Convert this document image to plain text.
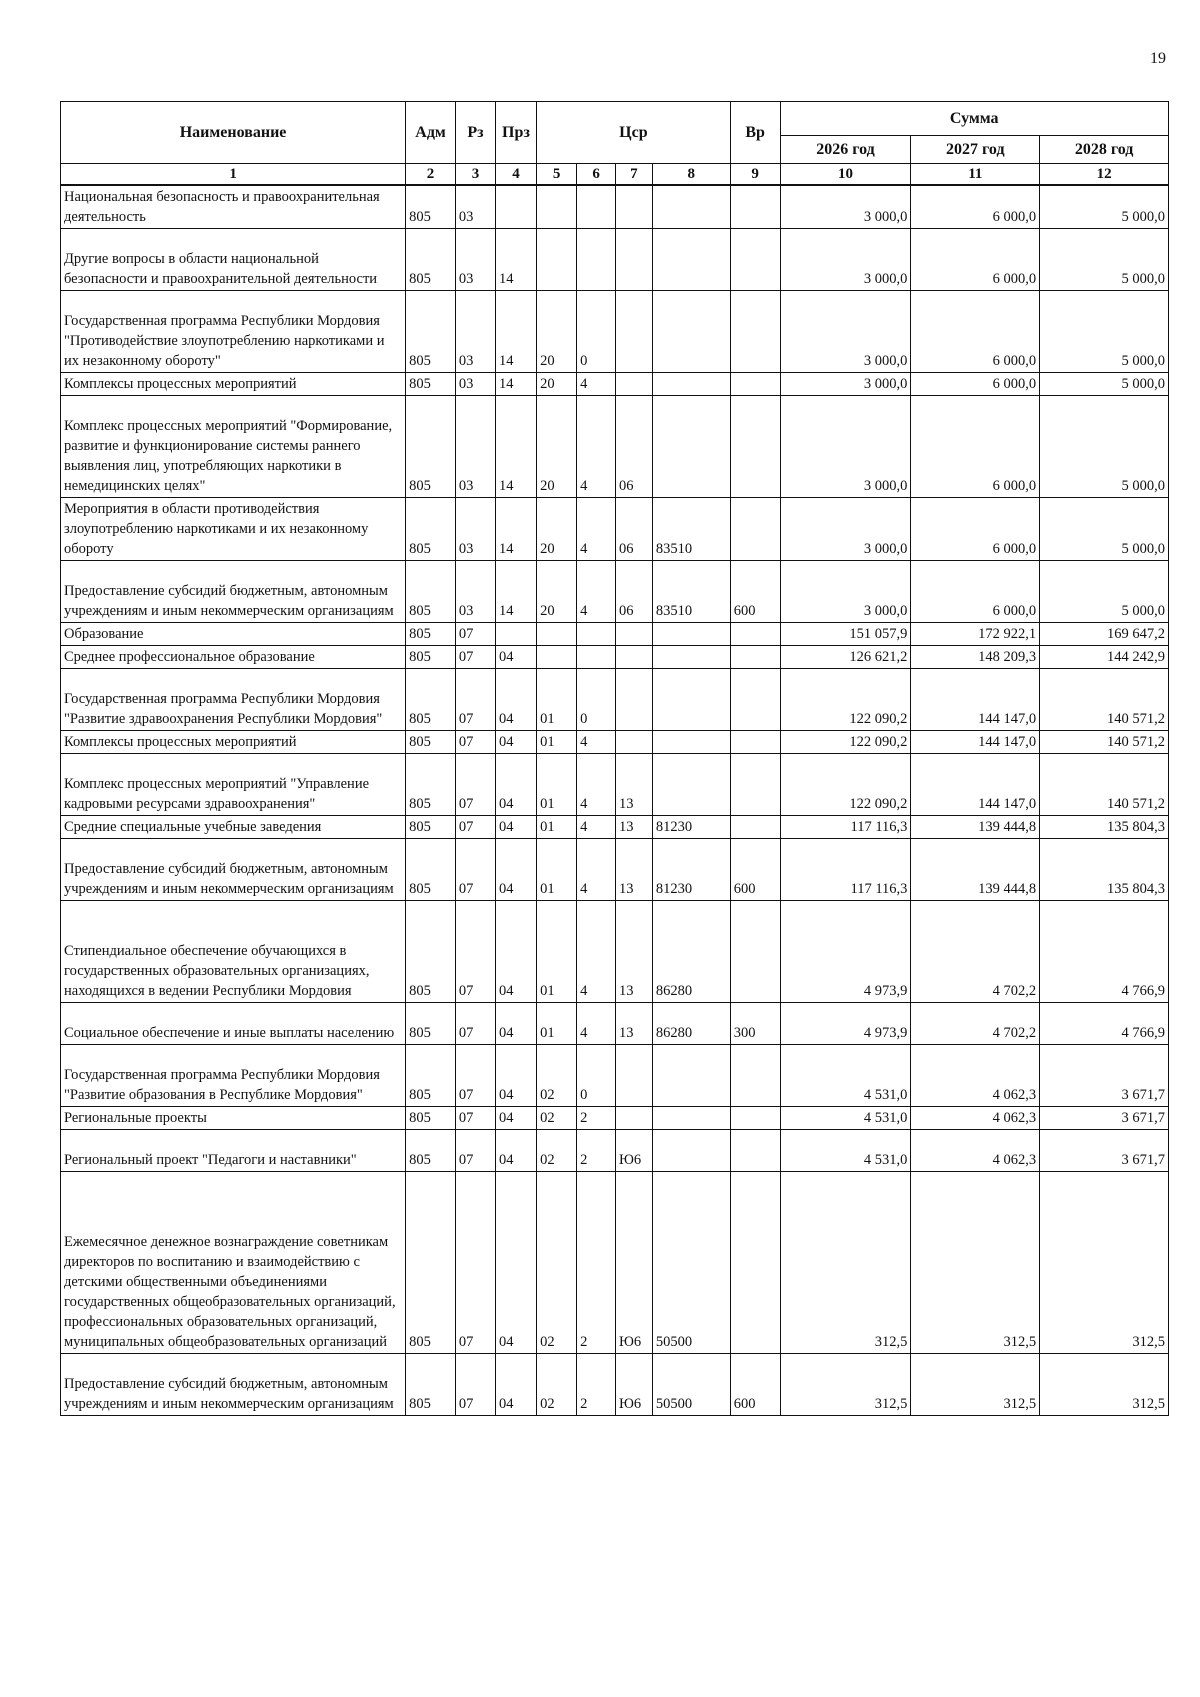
19
Наименование	Адм	Рз	Прз	Цср				Вр	Сумма		
									2026 год	2027 год	2028 год
1	2	3	4	5	6	7	8	9	10	11	12
Национальная безопасность и правоохранительная деятельность	805	03							3 000,0	6 000,0	5 000,0
Другие вопросы в области национальной безопасности и правоохранительной деятельности	805	03	14						3 000,0	6 000,0	5 000,0
Государственная программа Республики Мордовия "Противодействие злоупотреблению наркотиками и их незаконному обороту"	805	03	14	20	0				3 000,0	6 000,0	5 000,0
Комплексы процессных мероприятий	805	03	14	20	4				3 000,0	6 000,0	5 000,0
Комплекс процессных мероприятий "Формирование, развитие и функционирование системы раннего выявления лиц, употребляющих наркотики в немедицинских целях"	805	03	14	20	4	06			3 000,0	6 000,0	5 000,0
Мероприятия в области противодействия злоупотреблению наркотиками и их незаконному обороту	805	03	14	20	4	06	83510		3 000,0	6 000,0	5 000,0
Предоставление субсидий бюджетным, автономным учреждениям и иным некоммерческим организациям	805	03	14	20	4	06	83510	600	3 000,0	6 000,0	5 000,0
Образование	805	07							151 057,9	172 922,1	169 647,2
Среднее профессиональное образование	805	07	04						126 621,2	148 209,3	144 242,9
Государственная программа Республики Мордовия "Развитие здравоохранения Республики Мордовия"	805	07	04	01	0				122 090,2	144 147,0	140 571,2
Комплексы процессных мероприятий	805	07	04	01	4				122 090,2	144 147,0	140 571,2
Комплекс процессных мероприятий "Управление кадровыми ресурсами здравоохранения"	805	07	04	01	4	13			122 090,2	144 147,0	140 571,2
Средние специальные учебные заведения	805	07	04	01	4	13	81230		117 116,3	139 444,8	135 804,3
Предоставление субсидий бюджетным, автономным учреждениям и иным некоммерческим организациям	805	07	04	01	4	13	81230	600	117 116,3	139 444,8	135 804,3
Стипендиальное обеспечение обучающихся в государственных образовательных организациях, находящихся в ведении Республики Мордовия	805	07	04	01	4	13	86280		4 973,9	4 702,2	4 766,9
Социальное обеспечение и иные выплаты населению	805	07	04	01	4	13	86280	300	4 973,9	4 702,2	4 766,9
Государственная программа Республики Мордовия "Развитие образования в Республике Мордовия"	805	07	04	02	0				4 531,0	4 062,3	3 671,7
Региональные проекты	805	07	04	02	2				4 531,0	4 062,3	3 671,7
Региональный проект "Педагоги и наставники"	805	07	04	02	2	Ю6			4 531,0	4 062,3	3 671,7
Ежемесячное денежное вознаграждение советникам директоров по воспитанию и взаимодействию с детскими общественными объединениями государственных общеобразовательных организаций, профессиональных образовательных организаций, муниципальных общеобразовательных организаций	805	07	04	02	2	Ю6	50500		312,5	312,5	312,5
Предоставление субсидий бюджетным, автономным учреждениям и иным некоммерческим организациям	805	07	04	02	2	Ю6	50500	600	312,5	312,5	312,5
